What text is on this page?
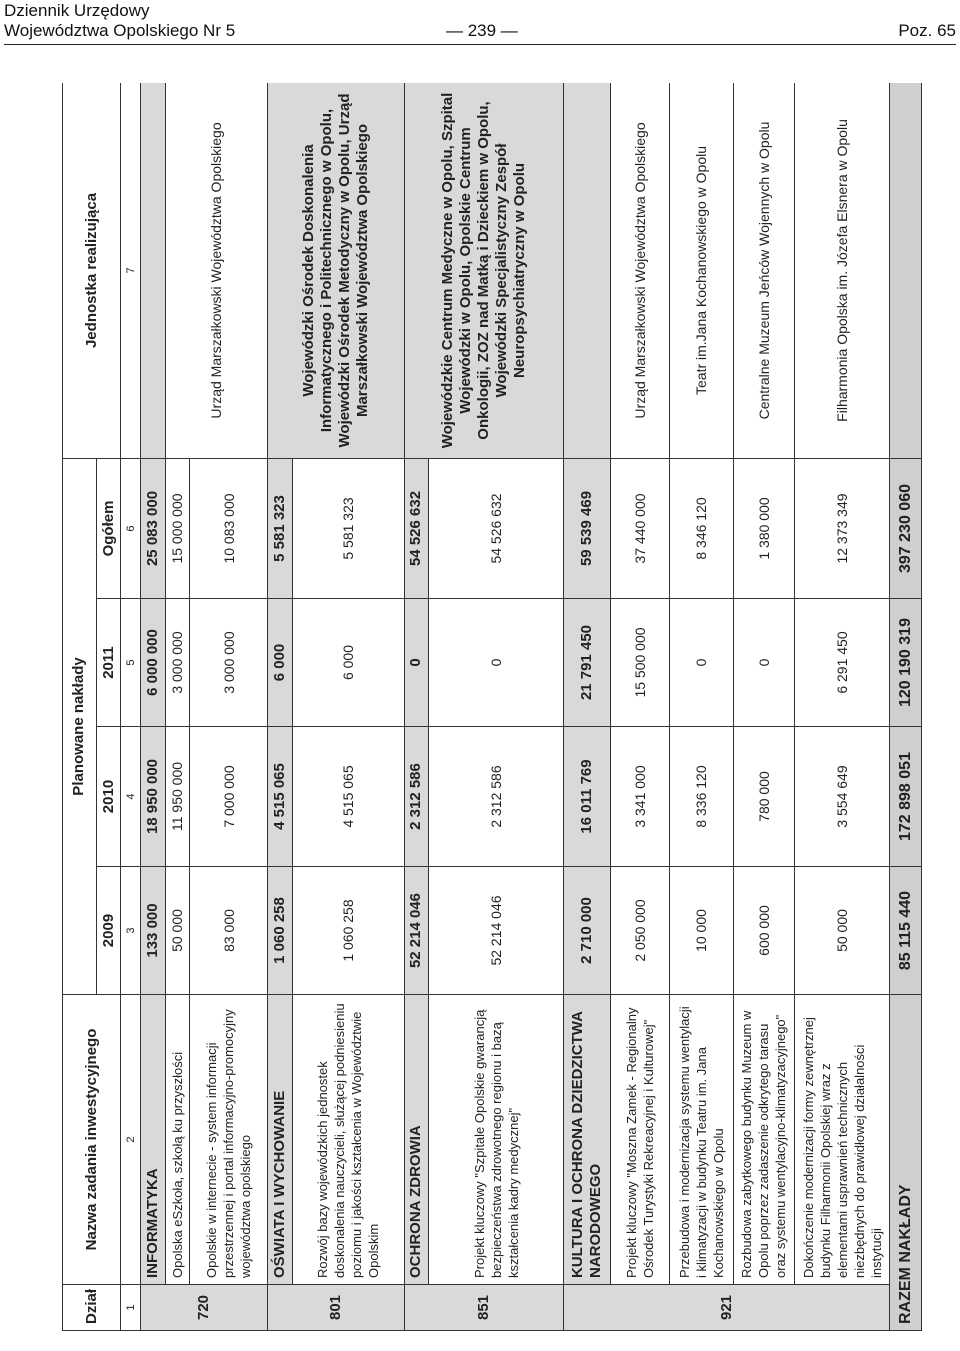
Dziennik Urzędowy
Województwa Opolskiego Nr 5	— 239 —	Poz. 65
Dział	Nazwa zadania inwestycyjnego	Planowane nakłady				Jednostka realizująca
		2009	2010	2011	Ogółem	
1	2	3	4	5	6	7
720	INFORMATYKA	133 000	18 950 000	6 000 000	25 083 000	
	Opolska eSzkoła, szkołą ku przyszłości	50 000	11 950 000	3 000 000	15 000 000	Urząd Marszałkowski Województwa Opolskiego
	Opolskie w internecie - system informacji przestrzennej i portal informacyjno-promocyjny województwa opolskiego	83 000	7 000 000	3 000 000	10 083 000	
801	OŚWIATA I WYCHOWANIE	1 060 258	4 515 065	6 000	5 581 323	Wojewódzki Ośrodek Doskonalenia Informatycznego i Politechnicznego w Opolu, Wojewódzki Ośrodek Metodyczny w Opolu, Urząd Marszałkowski Województwa Opolskiego
	Rozwój bazy wojewódzkich jednostek doskonalenia nauczycieli, służącej podniesieniu poziomu i jakości kształcenia w Województwie Opolskim	1 060 258	4 515 065	6 000	5 581 323	
851	OCHRONA ZDROWIA	52 214 046	2 312 586	0	54 526 632	Wojewódzkie Centrum Medyczne w Opolu, Szpital Wojewódzki w Opolu, Opolskie Centrum Onkologii, ZOZ nad Matką i Dzieckiem w Opolu, Wojewódzki Specjalistyczny Zespół Neuropsychiatryczny w Opolu
	Projekt kluczowy "Szpitale Opolskie gwarancją bezpieczeństwa zdrowotnego regionu i bazą kształcenia kadry medycznej"	52 214 046	2 312 586	0	54 526 632	
921	KULTURA I OCHRONA DZIEDZICTWA NARODOWEGO	2 710 000	16 011 769	21 791 450	59 539 469	
	Projekt kluczowy "Moszna Zamek - Regionalny Ośrodek Turystyki Rekreacyjnej i Kulturowej"	2 050 000	3 341 000	15 500 000	37 440 000	Urząd Marszałkowski Województwa Opolskiego
	Przebudowa i modernizacja systemu wentylacji i klimatyzacji w budynku Teatru im. Jana Kochanowskiego w Opolu	10 000	8 336 120	0	8 346 120	Teatr im.Jana Kochanowskiego w Opolu
	Rozbudowa zabytkowego budynku Muzeum w Opolu poprzez zadaszenie odkrytego tarasu oraz systemu wentylacyjno-klimatyzacyjnego"	600 000	780 000	0	1 380 000	Centralne Muzeum Jeńców Wojennych w Opolu
	Dokończenie modernizacji formy zewnętrznej budynku Filharmonii Opolskiej wraz z elementami usprawnień technicznych niezbędnych do prawidłowej działalności instytucji	50 000	3 554 649	6 291 450	12 373 349	Filharmonia Opolska im. Józefa Elsnera w Opolu
RAZEM NAKŁADY		85 115 440	172 898 051	120 190 319	397 230 060	
